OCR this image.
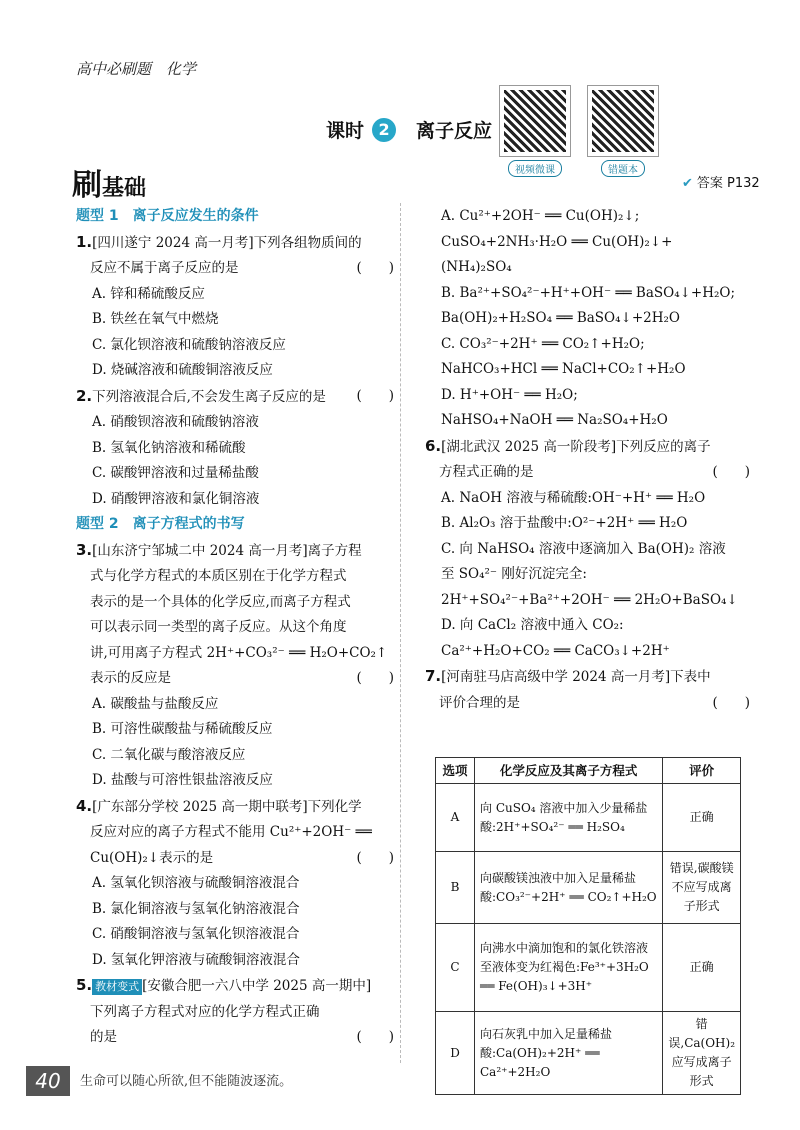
高中必刷题　化学
课时 2	离子反应
视频微课	错题本
刷基础	✔ 答案 P132
题型 1　离子反应发生的条件
1.[四川遂宁 2024 高一月考]下列各组物质间的
反应不属于离子反应的是	(　　)
A. 锌和稀硫酸反应
B. 铁丝在氧气中燃烧
C. 氯化钡溶液和硫酸钠溶液反应
D. 烧碱溶液和硫酸铜溶液反应
2.下列溶液混合后,不会发生离子反应的是 (　　)
A. 硝酸钡溶液和硫酸钠溶液
B. 氢氧化钠溶液和稀硫酸
C. 碳酸钾溶液和过量稀盐酸
D. 硝酸钾溶液和氯化铜溶液
题型 2　离子方程式的书写
3.[山东济宁邹城二中 2024 高一月考]离子方程
式与化学方程式的本质区别在于化学方程式
表示的是一个具体的化学反应,而离子方程式
可以表示同一类型的离子反应。从这个角度
讲,可用离子方程式 2H⁺+CO₃²⁻ ══ H₂O+CO₂↑
表示的反应是	(　　)
A. 碳酸盐与盐酸反应
B. 可溶性碳酸盐与稀硫酸反应
C. 二氧化碳与酸溶液反应
D. 盐酸与可溶性银盐溶液反应
4.[广东部分学校 2025 高一期中联考]下列化学
反应对应的离子方程式不能用 Cu²⁺+2OH⁻ ══
Cu(OH)₂↓表示的是	(　　)
A. 氢氧化钡溶液与硫酸铜溶液混合
B. 氯化铜溶液与氢氧化钠溶液混合
C. 硝酸铜溶液与氢氧化钡溶液混合
D. 氢氧化钾溶液与硫酸铜溶液混合
5. 教材变式 [安徽合肥一六八中学 2025 高一期中]
下列离子方程式对应的化学方程式正确
的是	(　　)
A. Cu²⁺+2OH⁻ ══ Cu(OH)₂↓;
CuSO₄+2NH₃·H₂O ══ Cu(OH)₂↓+
(NH₄)₂SO₄
B. Ba²⁺+SO₄²⁻+H⁺+OH⁻ ══ BaSO₄↓+H₂O;
Ba(OH)₂+H₂SO₄ ══ BaSO₄↓+2H₂O
C. CO₃²⁻+2H⁺ ══ CO₂↑+H₂O;
NaHCO₃+HCl ══ NaCl+CO₂↑+H₂O
D. H⁺+OH⁻ ══ H₂O;
NaHSO₄+NaOH ══ Na₂SO₄+H₂O
6.[湖北武汉 2025 高一阶段考]下列反应的离子
方程式正确的是	(　　)
A. NaOH 溶液与稀硫酸:OH⁻+H⁺ ══ H₂O
B. Al₂O₃ 溶于盐酸中:O²⁻+2H⁺ ══ H₂O
C. 向 NaHSO₄ 溶液中逐滴加入 Ba(OH)₂ 溶液
至 SO₄²⁻ 刚好沉淀完全:
2H⁺+SO₄²⁻+Ba²⁺+2OH⁻ ══ 2H₂O+BaSO₄↓
D. 向 CaCl₂ 溶液中通入 CO₂:
Ca²⁺+H₂O+CO₂ ══ CaCO₃↓+2H⁺
7.[河南驻马店高级中学 2024 高一月考]下表中
评价合理的是	(　　)
选项	化学反应及其离子方程式	评价
A	向 CuSO₄ 溶液中加入少量稀盐酸:2H⁺+SO₄²⁻ ══ H₂SO₄	正确
B	向碳酸镁浊液中加入足量稀盐酸:CO₃²⁻+2H⁺ ══ CO₂↑+H₂O	错误,碳酸镁不应写成离子形式
C	向沸水中滴加饱和的氯化铁溶液至液体变为红褐色:Fe³⁺+3H₂O ══ Fe(OH)₃↓+3H⁺	正确
D	向石灰乳中加入足量稀盐酸:Ca(OH)₂+2H⁺ ══ Ca²⁺+2H₂O	错误,Ca(OH)₂应写成离子形式
40	生命可以随心所欲,但不能随波逐流。
